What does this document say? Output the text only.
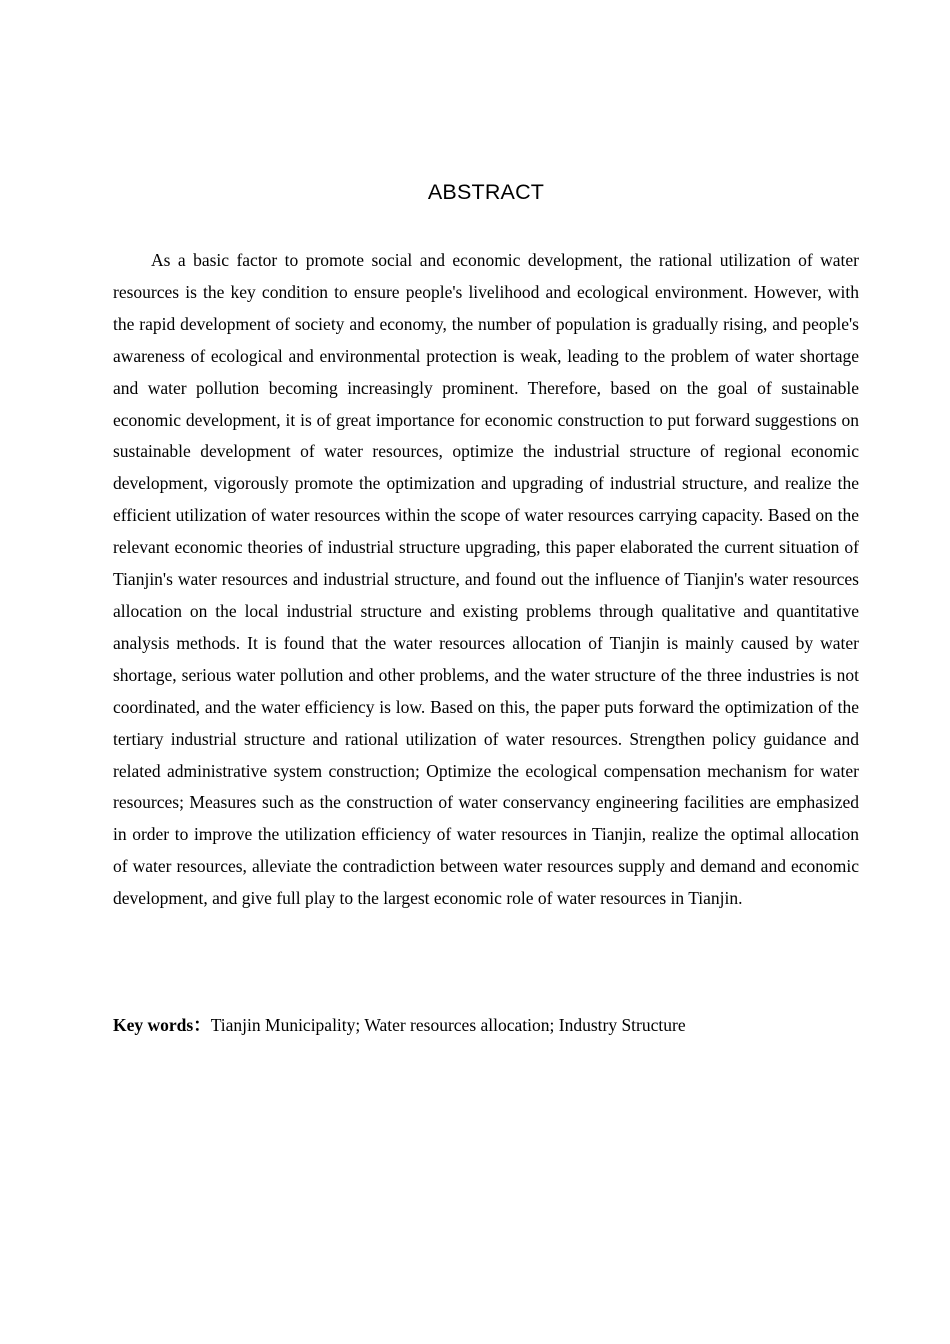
ABSTRACT

As a basic factor to promote social and economic development, the rational utilization of water resources is the key condition to ensure people's livelihood and ecological environment. However, with the rapid development of society and economy, the number of population is gradually rising, and people's awareness of ecological and environmental protection is weak, leading to the problem of water shortage and water pollution becoming increasingly prominent. Therefore, based on the goal of sustainable economic development, it is of great importance for economic construction to put forward suggestions on sustainable development of water resources, optimize the industrial structure of regional economic development, vigorously promote the optimization and upgrading of industrial structure, and realize the efficient utilization of water resources within the scope of water resources carrying capacity. Based on the relevant economic theories of industrial structure upgrading, this paper elaborated the current situation of Tianjin's water resources and industrial structure, and found out the influence of Tianjin's water resources allocation on the local industrial structure and existing problems through qualitative and quantitative analysis methods. It is found that the water resources allocation of Tianjin is mainly caused by water shortage, serious water pollution and other problems, and the water structure of the three industries is not coordinated, and the water efficiency is low. Based on this, the paper puts forward the optimization of the tertiary industrial structure and rational utilization of water resources. Strengthen policy guidance and related administrative system construction; Optimize the ecological compensation mechanism for water resources; Measures such as the construction of water conservancy engineering facilities are emphasized in order to improve the utilization efficiency of water resources in Tianjin, realize the optimal allocation of water resources, alleviate the contradiction between water resources supply and demand and economic development, and give full play to the largest economic role of water resources in Tianjin.

Key words：Tianjin Municipality; Water resources allocation; Industry Structure
